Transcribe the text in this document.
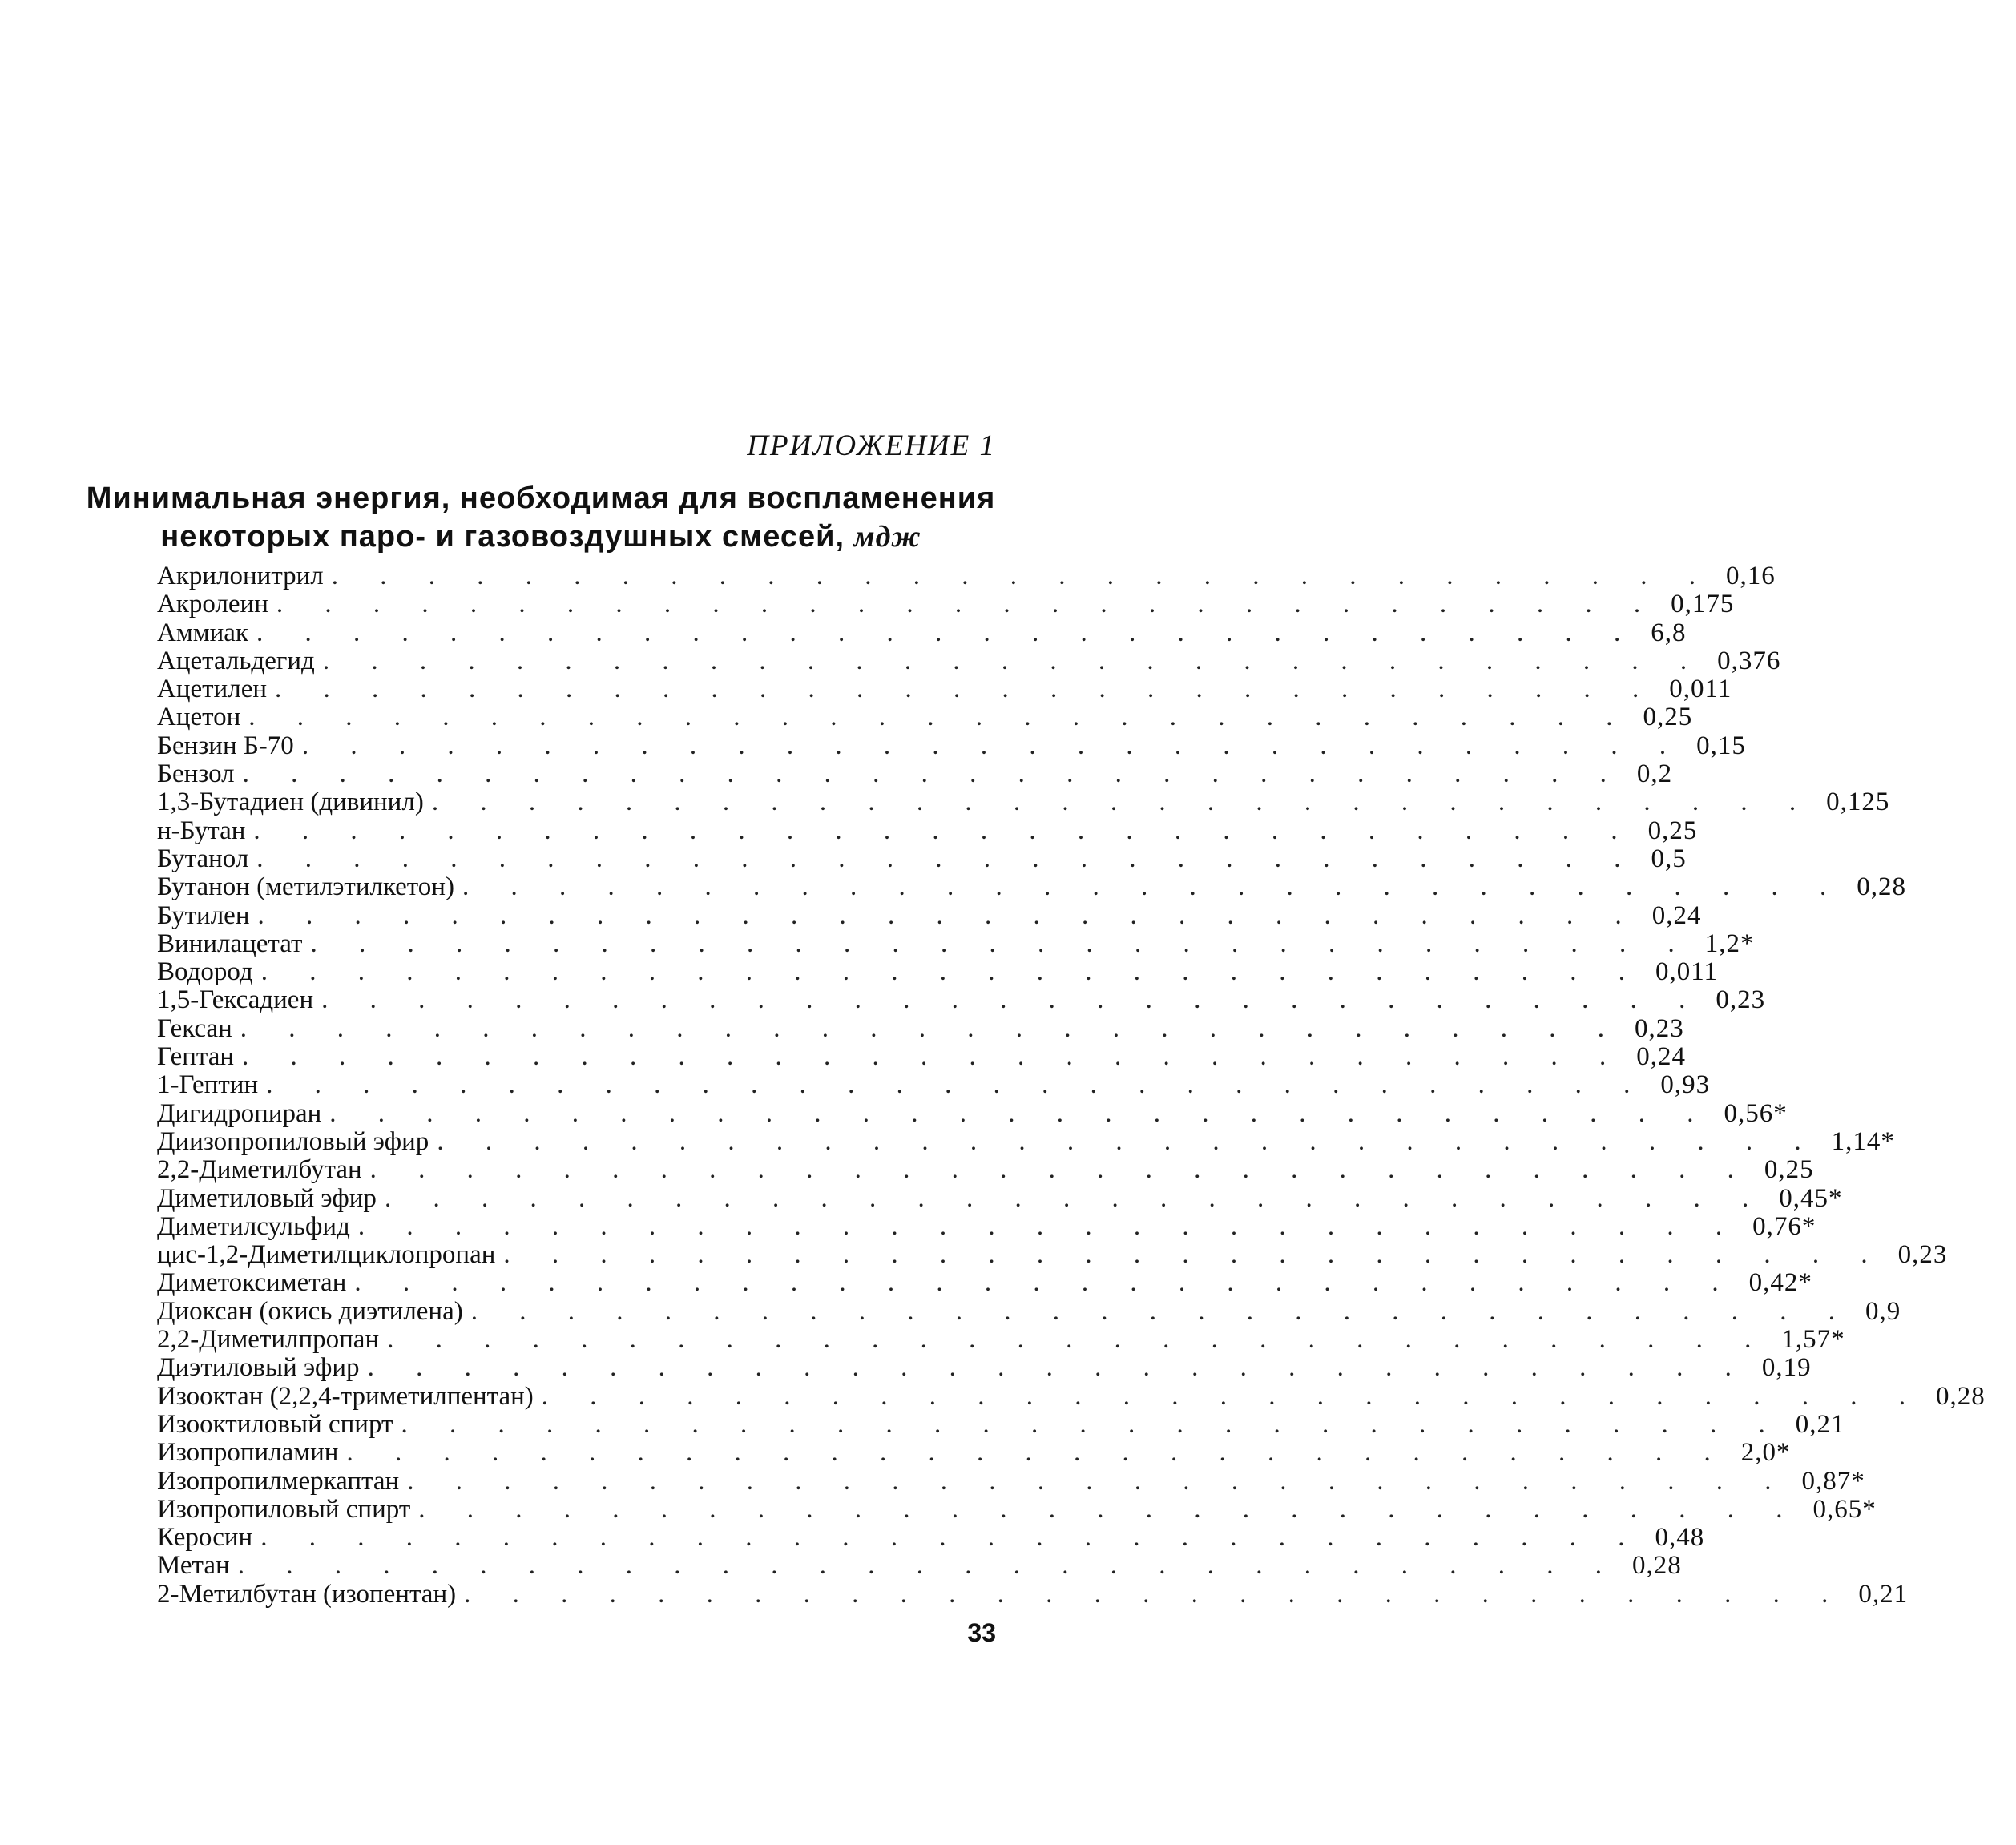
ПРИЛОЖЕНИЕ 1
Минимальная энергия, необходимая для воспламенения
некоторых паро- и газовоздушных смесей, мдж
Акрилонитрил . . . . . . . . . . . . . . . . . . . . . . . . . . . . . 0,16
Акролеин . . . . . . . . . . . . . . . . . . . . . . . . . . . . . 0,175
Аммиак . . . . . . . . . . . . . . . . . . . . . . . . . . . . . 6,8
Ацетальдегид . . . . . . . . . . . . . . . . . . . . . . . . . . . . . 0,376
Ацетилен . . . . . . . . . . . . . . . . . . . . . . . . . . . . . 0,011
Ацетон . . . . . . . . . . . . . . . . . . . . . . . . . . . . . 0,25
Бензин Б-70 . . . . . . . . . . . . . . . . . . . . . . . . . . . . . 0,15
Бензол . . . . . . . . . . . . . . . . . . . . . . . . . . . . . 0,2
1,3-Бутадиен (дивинил) . . . . . . . . . . . . . . . . . . . . . . . . . . . . . 0,125
н-Бутан . . . . . . . . . . . . . . . . . . . . . . . . . . . . . 0,25
Бутанол . . . . . . . . . . . . . . . . . . . . . . . . . . . . . 0,5
Бутанон (метилэтилкетон) . . . . . . . . . . . . . . . . . . . . . . . . . . . . . 0,28
Бутилен . . . . . . . . . . . . . . . . . . . . . . . . . . . . . 0,24
Винилацетат . . . . . . . . . . . . . . . . . . . . . . . . . . . . . 1,2*
Водород . . . . . . . . . . . . . . . . . . . . . . . . . . . . . 0,011
1,5-Гексадиен . . . . . . . . . . . . . . . . . . . . . . . . . . . . . 0,23
Гексан . . . . . . . . . . . . . . . . . . . . . . . . . . . . . 0,23
Гептан . . . . . . . . . . . . . . . . . . . . . . . . . . . . . 0,24
1-Гептин . . . . . . . . . . . . . . . . . . . . . . . . . . . . . 0,93
Дигидропиран . . . . . . . . . . . . . . . . . . . . . . . . . . . . . 0,56*
Диизопропиловый эфир . . . . . . . . . . . . . . . . . . . . . . . . . . . . . 1,14*
2,2-Диметилбутан . . . . . . . . . . . . . . . . . . . . . . . . . . . . . 0,25
Диметиловый эфир . . . . . . . . . . . . . . . . . . . . . . . . . . . . . 0,45*
Диметилсульфид . . . . . . . . . . . . . . . . . . . . . . . . . . . . . 0,76*
цис-1,2-Диметилциклопропан . . . . . . . . . . . . . . . . . . . . . . . . . . . . . 0,23
Диметоксиметан . . . . . . . . . . . . . . . . . . . . . . . . . . . . . 0,42*
Диоксан (окись диэтилена) . . . . . . . . . . . . . . . . . . . . . . . . . . . . . 0,9
2,2-Диметилпропан . . . . . . . . . . . . . . . . . . . . . . . . . . . . . 1,57*
Диэтиловый эфир . . . . . . . . . . . . . . . . . . . . . . . . . . . . . 0,19
Изооктан (2,2,4-триметилпентан) . . . . . . . . . . . . . . . . . . . . . . . . . . . . . 0,28
Изооктиловый спирт . . . . . . . . . . . . . . . . . . . . . . . . . . . . . 0,21
Изопропиламин . . . . . . . . . . . . . . . . . . . . . . . . . . . . . 2,0*
Изопропилмеркаптан . . . . . . . . . . . . . . . . . . . . . . . . . . . . . 0,87*
Изопропиловый спирт . . . . . . . . . . . . . . . . . . . . . . . . . . . . . 0,65*
Керосин . . . . . . . . . . . . . . . . . . . . . . . . . . . . . 0,48
Метан . . . . . . . . . . . . . . . . . . . . . . . . . . . . . 0,28
2-Метилбутан (изопентан) . . . . . . . . . . . . . . . . . . . . . . . . . . . . . 0,21
33
